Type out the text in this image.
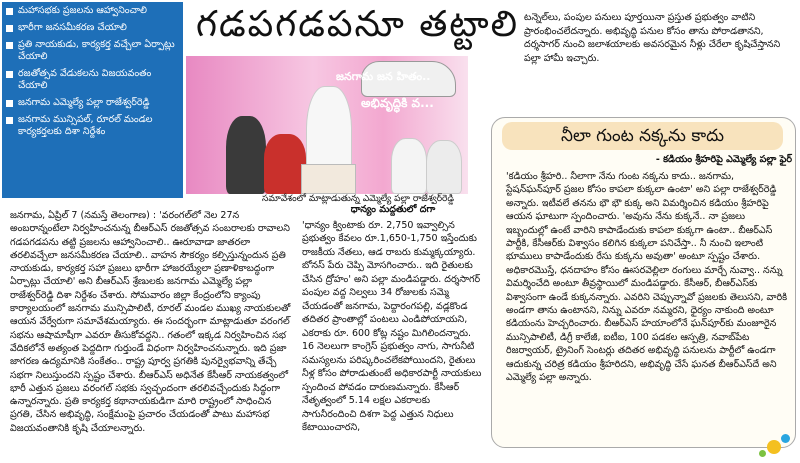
మహాసభకు ప్రజలను ఆహ్వానించాలి
భారీగా జనసమీకరణ చేయాలి
ప్రతి నాయకుడు, కార్యకర్త వచ్చేలా ఏర్పాట్లు చేయాలి
రజతోత్సవ వేడుకలను విజయవంతం చేయాలి
జనగామ ఎమ్మెల్యే పల్లా రాజేశ్వర్‌రెడ్డి
జనగామ మున్సిపల్, రూరల్ మండల కార్యకర్తలకు దిశా నిర్దేశం
గడపగడపనూ తట్టాలి
జనగామ జన హితం..
అభివృద్ధికి వ...
సమావేశంలో మాట్లాడుతున్న ఎమ్మెల్యే పల్లా రాజేశ్వర్‌రెడ్డి
జనగామ, ఏప్రిల్ 7 (నమస్తే తెలంగాణ) : 'వరంగల్‌లో నెల 27న అంబరాన్నంటేలా నిర్వహించనున్న బీఆర్‌ఎస్ రజతోత్సవ సంబరాలకు రావాలని గడపగడపను తట్టి ప్రజలను ఆహ్వానించాలి.. ఊరూవాడా జాతరలా తరలివచ్చేలా జనసమీకరణ చేయాలి.. వాహన సౌకర్యం కల్పిస్తున్నందున ప్రతి నాయకుడు, కార్యకర్త సహా ప్రజలు భారీగా హాజరయ్యేలా ప్రణాళికాబద్ధంగా ఏర్పాట్లు చేయాలి' అని బీఆర్‌ఎస్ శ్రేణులకు జనగామ ఎమ్మెల్యే పల్లా రాజేశ్వర్‌రెడ్డి దిశా నిర్దేశం చేశారు. సోమవారం జిల్లా కేంద్రంలోని క్యాంపు కార్యాలయంలో జనగామ మున్సిపాలిటీ, రూరల్ మండల ముఖ్య నాయకులతో ఆయన వేర్వేరుగా సమావేశమయ్యారు. ఈ సందర్భంగా మాట్లాడుతూ వరంగల్ సభను ఆషామాషీగా ఎవరూ తీసుకోవద్దని.. గతంలో ఇక్కడ నిర్వహించిన సభ వేదికలోనే అత్యంత పెద్దదిగా గుర్తుండే విధంగా నిర్వహించనున్నారు. ఇది ప్రజా జాగరణ ఉద్యమానికి సంకేతం.. రాష్ట్ర పూర్వ ప్రగతికి పునర్వైభవాన్ని తేచ్చే సభగా నిలుస్తుందని స్పష్టం చేశారు. బీఆర్‌ఎస్ అధినేత కేసీఆర్ నాయకత్వంలో భారీ ఎత్తున ప్రజలు వరంగల్ సభకు స్వచ్ఛందంగా తరలివచ్చేందుకు సిద్ధంగా ఉన్నారన్నారు. ప్రతి కార్యకర్త కథానాయకుడిగా మారి రాష్ట్రంలో సాధించిన ప్రగతి, చేసిన అభివృద్ధి, సంక్షేమంపై ప్రచారం చేయడంతో పాటు మహాసభ విజయవంతానికి కృషి చేయాలన్నారు.
ధాన్యం మద్దతులో దగా
'ధాన్యం క్వింటాకు రూ. 2,750 ఇవ్వాల్సిన ప్రభుత్వం కేవలం రూ.1,650-1,750 ఇస్తేందుకు రాజకీయ నేతలు, ఆడ రాబరు కుమ్మక్కయ్యారు. బోనస్ పేరు చెప్పి మోసగించారు.. ఇది రైతులకు చేసిన ద్రోహం' అని పల్లా మండిపడ్డారు. దర్శసాగర్ పంపుల వద్ద నిల్వలు 34 రోజులకు సమ్మె చేయడంతో జనగామ, పెద్దారంగపల్లి, వడ్లకొండ తదితర ప్రాంతాల్లో పంటలు ఎండిపోయాయని, ఎకరాకు రూ. 600 కోట్ల నష్టం మిగిలిందన్నారు. 16 నెలలుగా కాంగ్రెస్ ప్రభుత్వం నాగు, సాగునీటి సమస్యలను పరిష్కరించలేకపోయిందని, రైతులు నీళ్ల కోసం పోరాడుతుంటే అధికారపార్టీ నాయకులు స్పందించ పోవడం దారుణమన్నారు. కేసీఆర్ నేతృత్వంలో 5.14 లక్షల ఎకరాలకు సాగునీరందించి దిశగా పెద్ద ఎత్తున నిధులు కేటాయించారని,
టన్నెల్‌లు, పంపుల పనులు పూర్తయినా ప్రస్తుత ప్రభుత్వం వాటిని ప్రారంభించలేదన్నారు. అభివృద్ధి పనుల కోసం తాను పోరాడతానని, దర్శసాగర్ నుంచి జలాశయాలకు అవసరమైన నీళ్లు చేరేలా కృషిచేస్తానని పల్లా హామీ ఇచ్చారు.
నీలా గుంట నక్కను కాదు
- కడియం శ్రీహరిపై ఎమ్మెల్యే పల్లా ఫైర్
'కడియం శ్రీహరి.. నీలాగా నేను గుంట నక్కను కాదు.. జనగామ, స్టేషన్‌ఘన్‌పూర్ ప్రజల కోసం కాపలా కుక్కలా ఉంటా' అని పల్లా రాజేశ్వర్‌రెడ్డి అన్నారు. ఇటీవలే తనను భౌ భౌ కుక్క అని విమర్శించిన కడియం శ్రీహరిపై ఆయన ఘాటుగా స్పందించారు. 'అవును నేను కుక్కనే.. నా ప్రజలు ఇబ్బందుల్లో ఉంటే వారిని కాపాడేందుకు కాపలా కుక్కగా ఉంటా.. బీఆర్‌ఎస్ పార్టీకి, కేసీఆర్‌కు విశ్వాసం కలిగిన కుక్కలా పనిచేస్తా.. నీ నుంచి ఇలాంటి భూములు కాపాడేందుకు రేసు కుక్కను అవుతా' అంటూ స్పష్టం చేశారు. అధికారమొస్తే, ధనదాహం కోసం ఊసరవెల్లిలా రంగులు మార్చే నువ్వా.. నన్ను విమర్శించేది అంటూ తీవ్రస్థాయిలో మండిపడ్డారు. కేసీఆర్, బీఆర్‌ఎస్‌కు విశ్వాసంగా ఉండే కుక్కనన్నారు. ఎవరిని చెప్పున్నావో ప్రజలకు తెలుసని, వారికి అండగా తాను ఉంటానని, నిన్ను ఎవరూ నమ్మరని, ధైర్యం నాకుంది అంటూ కడియంను హెచ్చరించారు. బీఆర్‌ఎస్ హయాంలోనే ఘన్‌పూర్‌కు మంజూరైన మున్సిపాలిటీ, డిగ్రీ కాలేజీ, ఐటీఐ, 100 పడకల ఆస్పత్రి, నవాబ్‌పేట రిజర్వాయర్, ట్రైనింగ్ సెంటర్లు తదితర అభివృద్ధి పనులను పార్టీలో ఉండగా ఆదుకున్న చరిత్ర కడియం శ్రీహరిదని, అభివృద్ధి చేసే ఘనత బీఆర్‌ఎస్‌దే అని ఎమ్మెల్యే పల్లా అన్నారు.
